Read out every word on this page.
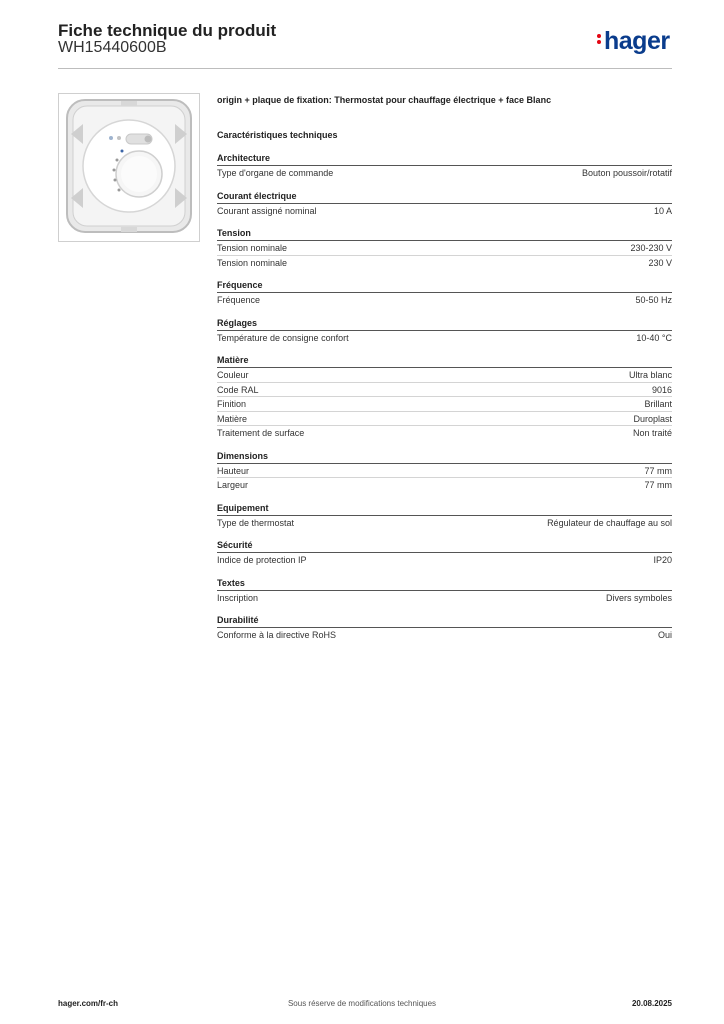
Fiche technique du produit
WH15440600B	hager
origin + plaque de fixation: Thermostat pour chauffage électrique + face Blanc
Caractéristiques techniques
Architecture
Type d'organe de commande	Bouton poussoir/rotatif
Courant électrique
Courant assigné nominal	10 A
Tension
Tension nominale	230-230 V
Tension nominale	230 V
Fréquence
Fréquence	50-50 Hz
Réglages
Température de consigne confort	10-40 °C
Matière
Couleur	Ultra blanc
Code RAL	9016
Finition	Brillant
Matière	Duroplast
Traitement de surface	Non traité
Dimensions
Hauteur	77 mm
Largeur	77 mm
Equipement
Type de thermostat	Régulateur de chauffage au sol
Sécurité
Indice de protection IP	IP20
Textes
Inscription	Divers symboles
Durabilité
Conforme à la directive RoHS	Oui
hager.com/fr-ch	Sous réserve de modifications techniques	20.08.2025
